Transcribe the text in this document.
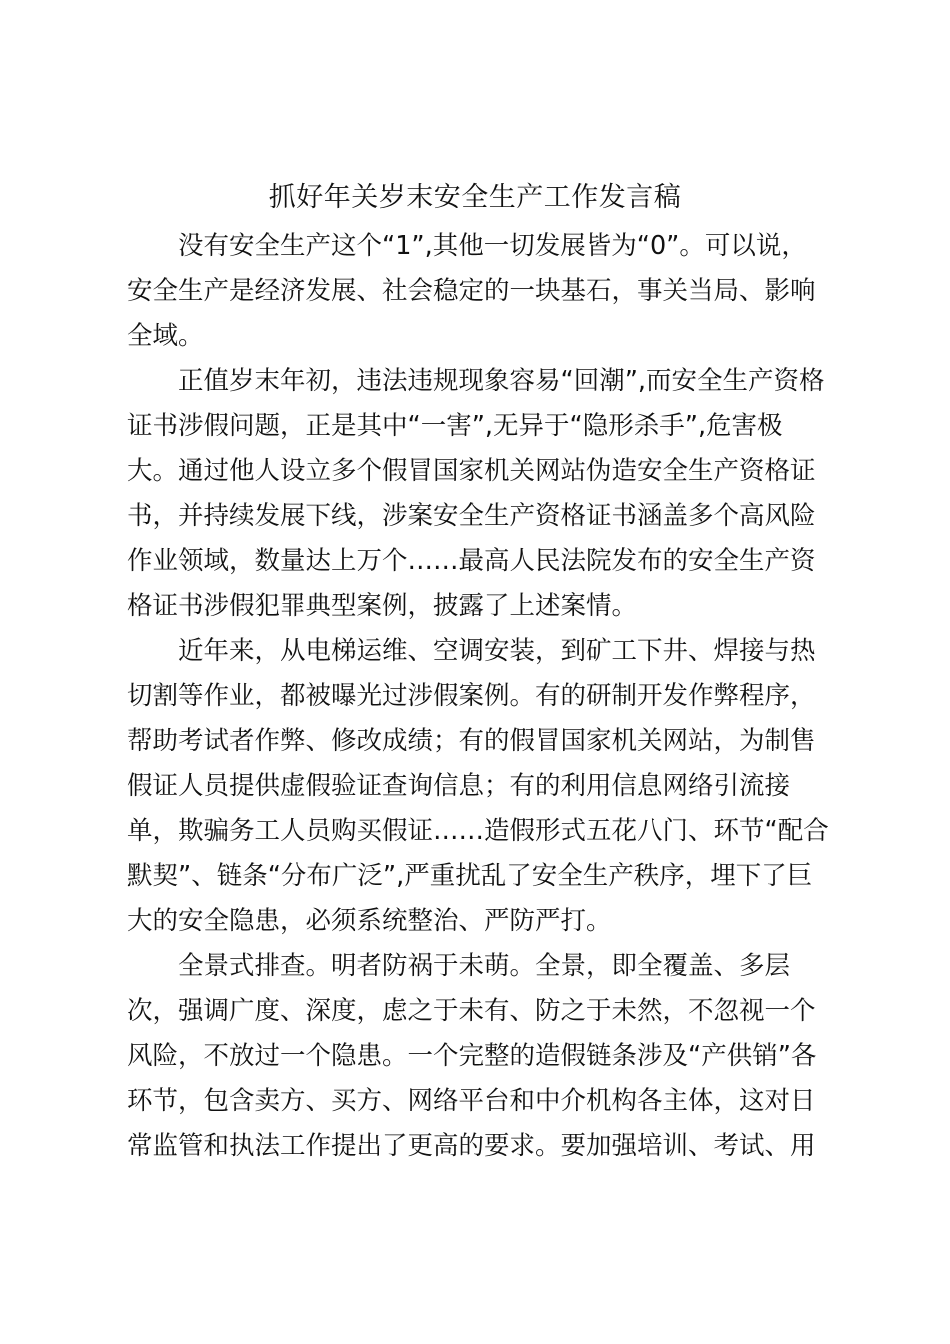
抓好年关岁末安全生产工作发言稿
没有安全生产这个“1”,其他一切发展皆为“0”。可以说，
安全生产是经济发展、社会稳定的一块基石，事关当局、影响
全域。
正值岁末年初，违法违规现象容易“回潮”,而安全生产资格
证书涉假问题，正是其中“一害”,无异于“隐形杀手”,危害极
大。通过他人设立多个假冒国家机关网站伪造安全生产资格证
书，并持续发展下线，涉案安全生产资格证书涵盖多个高风险
作业领域，数量达上万个……最高人民法院发布的安全生产资
格证书涉假犯罪典型案例，披露了上述案情。
近年来，从电梯运维、空调安装，到矿工下井、焊接与热
切割等作业，都被曝光过涉假案例。有的研制开发作弊程序，
帮助考试者作弊、修改成绩；有的假冒国家机关网站，为制售
假证人员提供虚假验证查询信息；有的利用信息网络引流接
单，欺骗务工人员购买假证……造假形式五花八门、环节“配合
默契”、链条“分布广泛”,严重扰乱了安全生产秩序，埋下了巨
大的安全隐患，必须系统整治、严防严打。
全景式排查。明者防祸于未萌。全景，即全覆盖、多层
次，强调广度、深度，虑之于未有、防之于未然，不忽视一个
风险，不放过一个隐患。一个完整的造假链条涉及“产供销”各
环节，包含卖方、买方、网络平台和中介机构各主体，这对日
常监管和执法工作提出了更高的要求。要加强培训、考试、用
